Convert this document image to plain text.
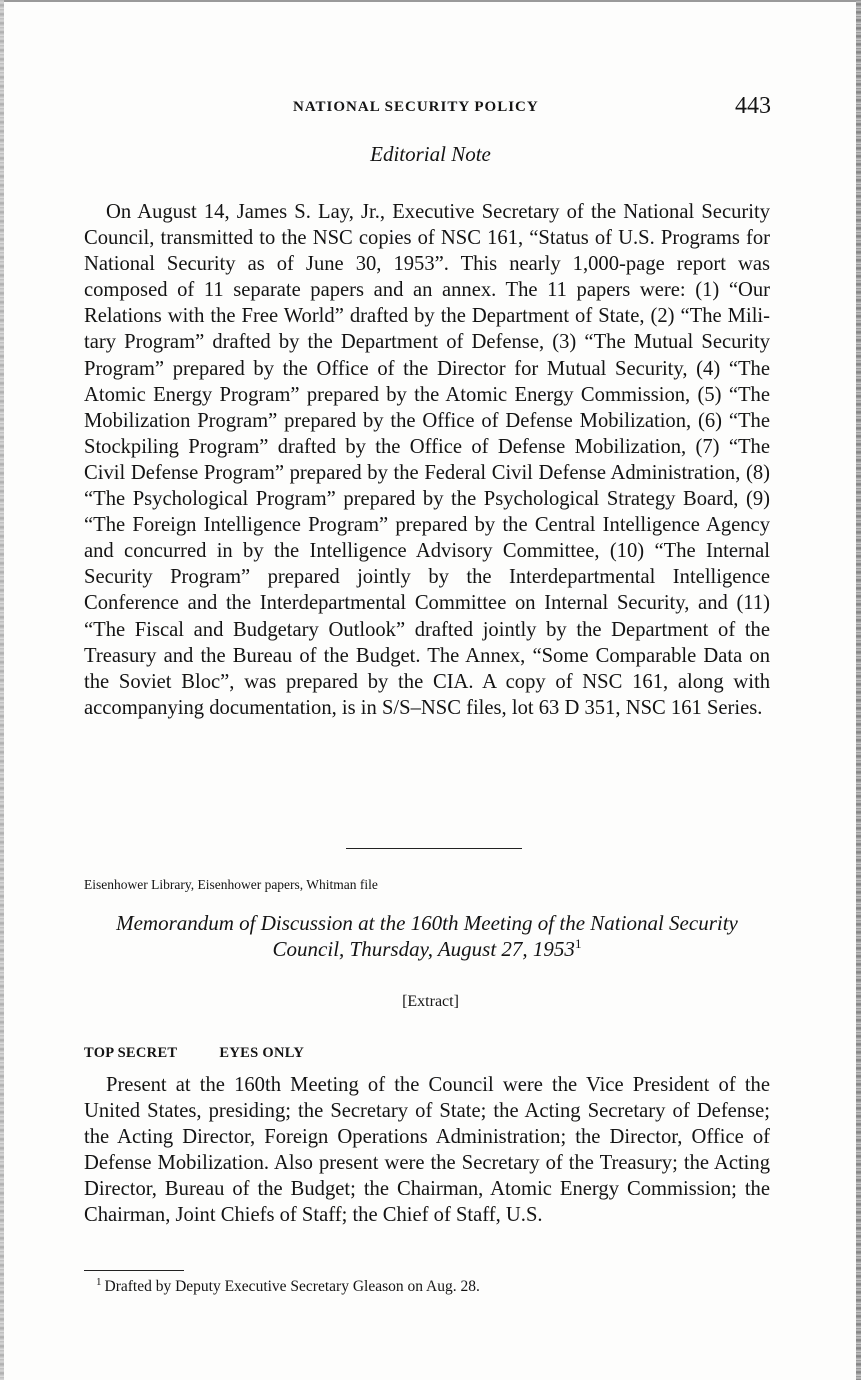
NATIONAL SECURITY POLICY	443
Editorial Note

On August 14, James S. Lay, Jr., Executive Secretary of the National Security Council, transmitted to the NSC copies of NSC 161, “Status of U.S. Programs for National Security as of June 30, 1953”. This nearly 1,000-page report was composed of 11 separate papers and an annex. The 11 papers were: (1) “Our Relations with the Free World” drafted by the Department of State, (2) “The Military Program” drafted by the Department of Defense, (3) “The Mutual Security Program” prepared by the Office of the Director for Mutual Security, (4) “The Atomic Energy Program” prepared by the Atomic Energy Commission, (5) “The Mobilization Program” prepared by the Office of Defense Mobilization, (6) “The Stockpiling Program” drafted by the Office of Defense Mobilization, (7) “The Civil Defense Program” prepared by the Federal Civil Defense Administration, (8) “The Psychological Program” prepared by the Psychological Strategy Board, (9) “The Foreign Intelligence Program” prepared by the Central Intelligence Agency and concurred in by the Intelligence Advisory Committee, (10) “The Internal Security Program” prepared jointly by the Interdepartmental Intelligence Conference and the Interdepartmental Committee on Internal Security, and (11) “The Fiscal and Budgetary Outlook” drafted jointly by the Department of the Treasury and the Bureau of the Budget. The Annex, “Some Comparable Data on the Soviet Bloc”, was prepared by the CIA. A copy of NSC 161, along with accompanying documentation, is in S/S–NSC files, lot 63 D 351, NSC 161 Series.

Eisenhower Library, Eisenhower papers, Whitman file
Memorandum of Discussion at the 160th Meeting of the National Security Council, Thursday, August 27, 1953$^1$
[Extract]
TOP SECRET	EYES ONLY

Present at the 160th Meeting of the Council were the Vice President of the United States, presiding; the Secretary of State; the Acting Secretary of Defense; the Acting Director, Foreign Operations Administration; the Director, Office of Defense Mobilization. Also present were the Secretary of the Treasury; the Acting Director, Bureau of the Budget; the Chairman, Atomic Energy Commission; the Chairman, Joint Chiefs of Staff; the Chief of Staff, U.S.

$^1$ Drafted by Deputy Executive Secretary Gleason on Aug. 28.
